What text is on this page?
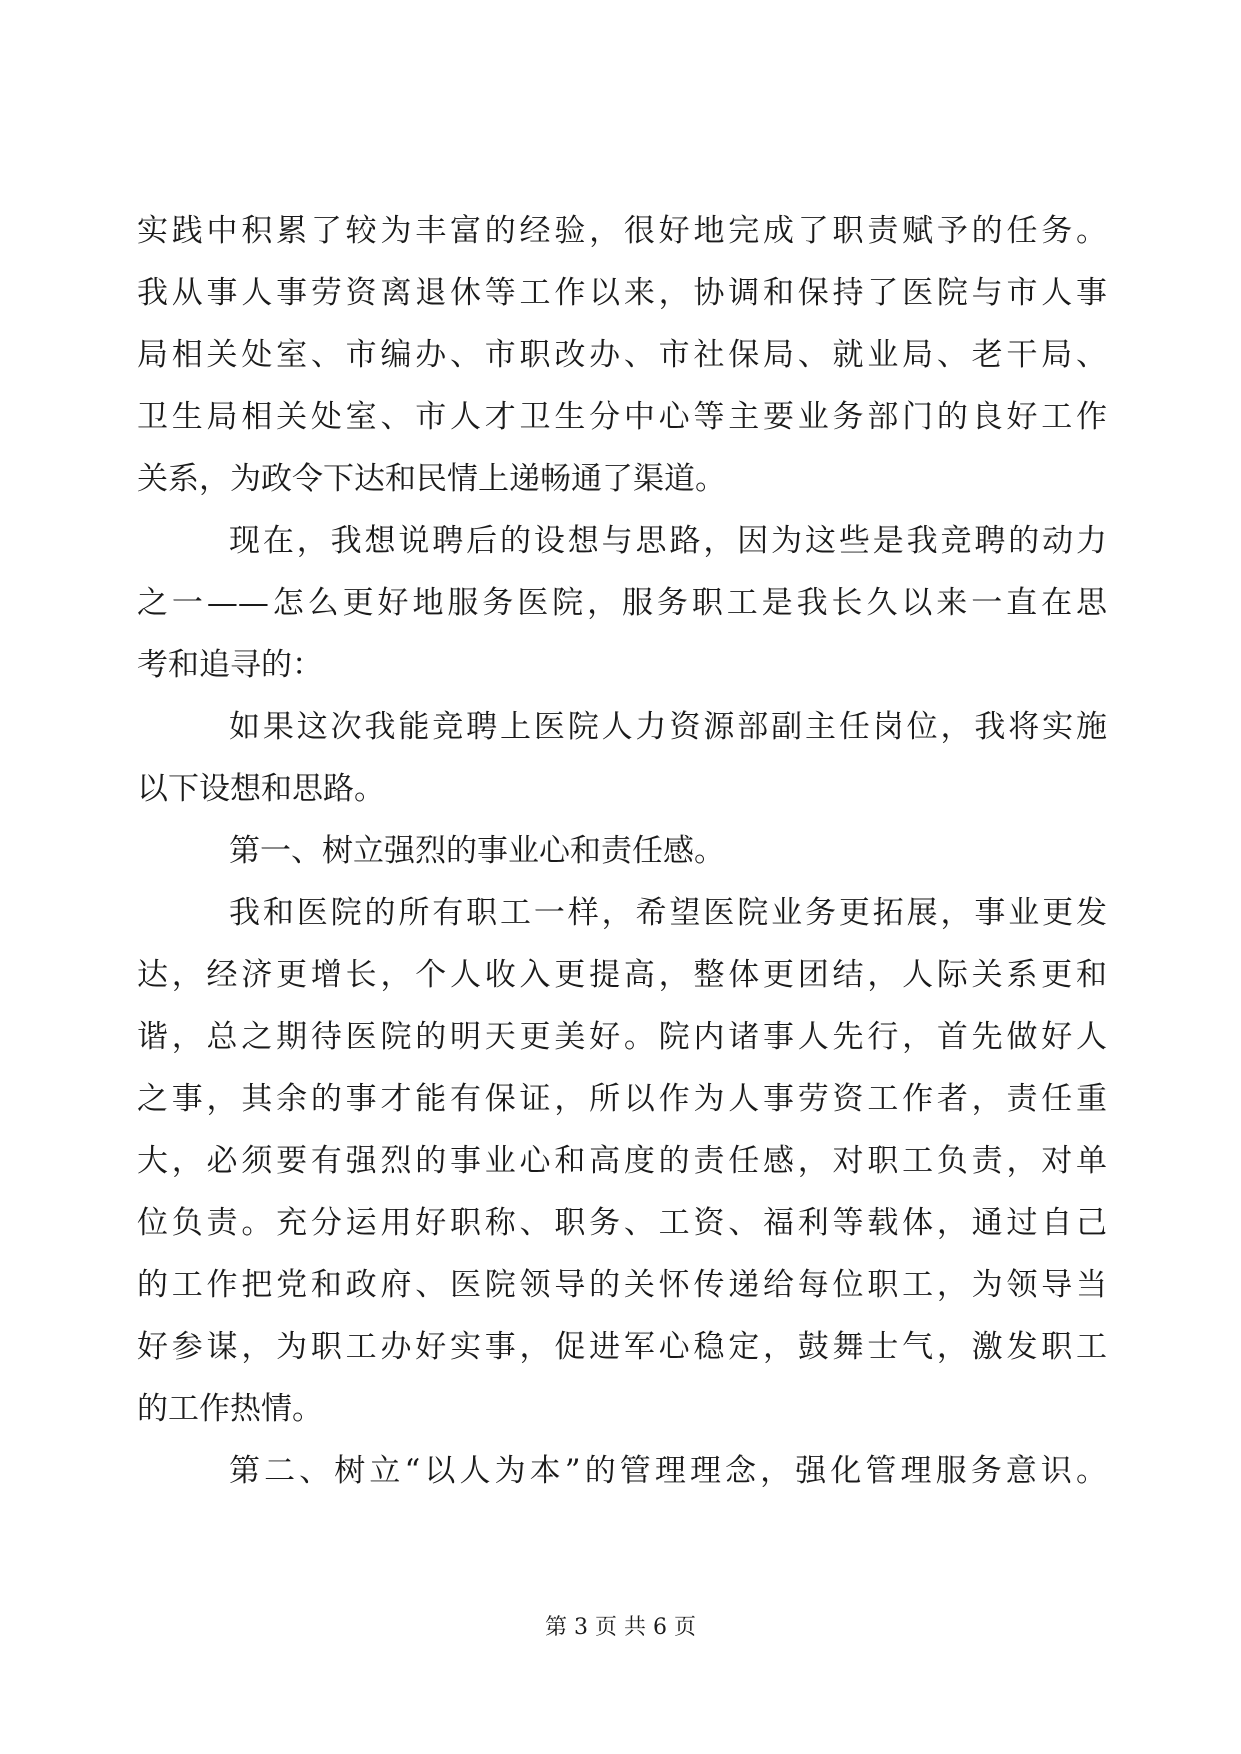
实践中积累了较为丰富的经验，很好地完成了职责赋予的任务。
我从事人事劳资离退休等工作以来，协调和保持了医院与市人事
局相关处室、市编办、市职改办、市社保局、就业局、老干局、
卫生局相关处室、市人才卫生分中心等主要业务部门的良好工作
关系，为政令下达和民情上递畅通了渠道。
现在，我想说聘后的设想与思路，因为这些是我竞聘的动力
之一——怎么更好地服务医院，服务职工是我长久以来一直在思
考和追寻的：
如果这次我能竞聘上医院人力资源部副主任岗位，我将实施
以下设想和思路。
第一、树立强烈的事业心和责任感。
我和医院的所有职工一样，希望医院业务更拓展，事业更发
达，经济更增长，个人收入更提高，整体更团结，人际关系更和
谐，总之期待医院的明天更美好。院内诸事人先行，首先做好人
之事，其余的事才能有保证，所以作为人事劳资工作者，责任重
大，必须要有强烈的事业心和高度的责任感，对职工负责，对单
位负责。充分运用好职称、职务、工资、福利等载体，通过自己
的工作把党和政府、医院领导的关怀传递给每位职工，为领导当
好参谋，为职工办好实事，促进军心稳定，鼓舞士气，激发职工
的工作热情。
第二、树立“以人为本”的管理理念，强化管理服务意识。
第 3 页 共 6 页
